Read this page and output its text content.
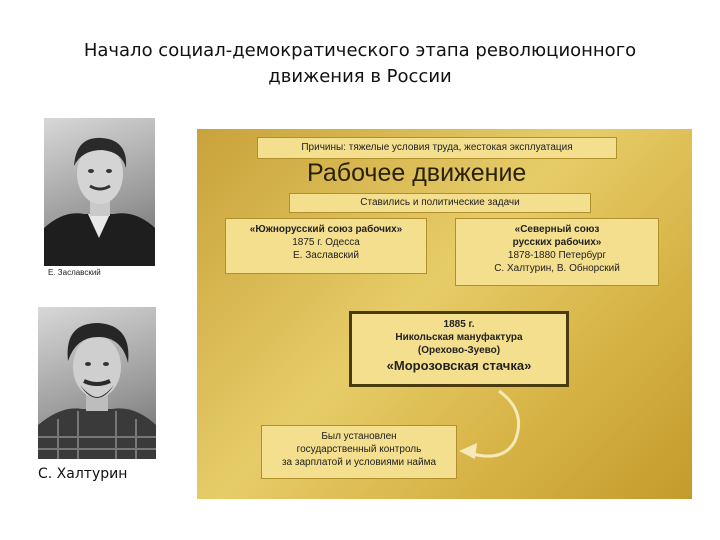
Начало социал-демократического этапа революционного
движения в России
Е. Заславский
С. Халтурин
Причины: тяжелые условия труда, жестокая эксплуатация
Рабочее движение
Ставились и политические задачи
«Южнорусский союз рабочих»
1875 г. Одесса
Е. Заславский
«Северный союз
русских рабочих»
1878-1880 Петербург
С. Халтурин, В. Обнорский
1885 г.
Никольская мануфактура
(Орехово-Зуево)
«Морозовская стачка»
Был установлен
государственный контроль
за зарплатой и условиями найма
